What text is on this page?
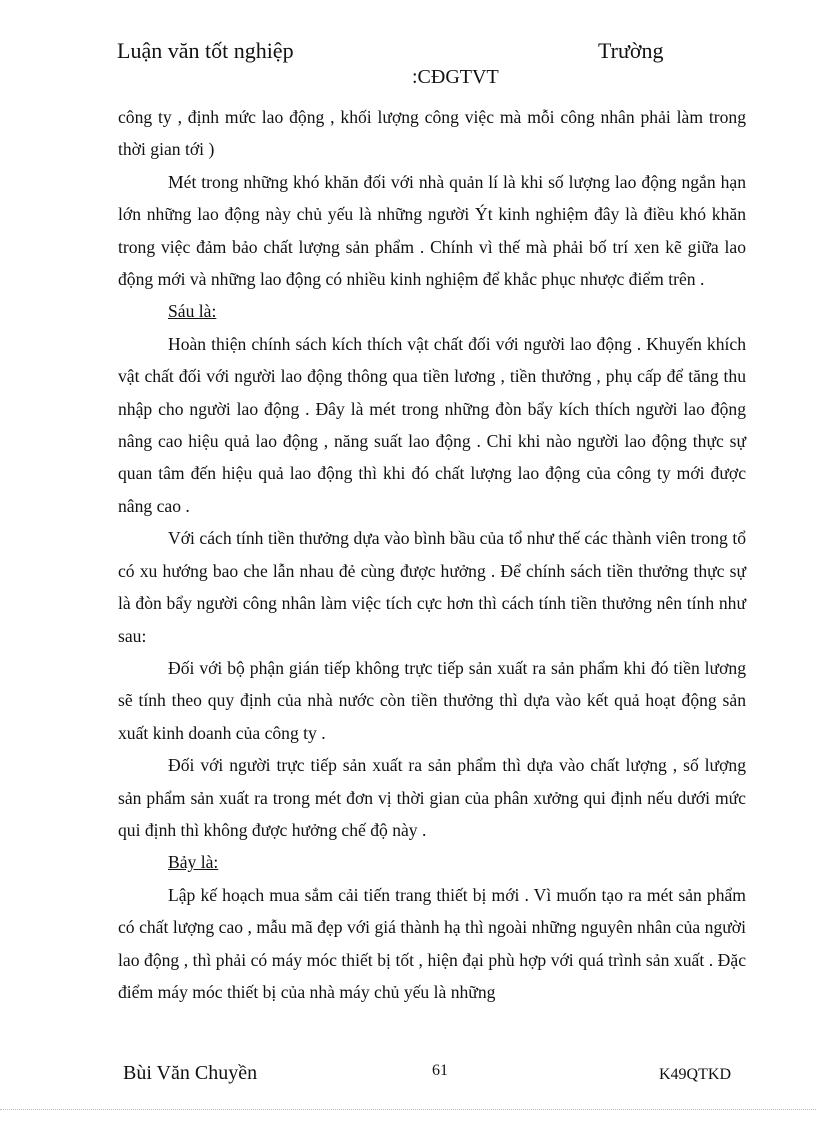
Luận văn tốt nghiệp	Trường
:CĐGTVT

công ty , định mức lao động , khối lượng công việc mà mỗi công nhân phải làm trong thời gian tới )

Mét trong những khó khăn đối với nhà quản lí là khi số lượng lao động ngắn hạn lớn những lao động này chủ yếu là những người Ýt kinh nghiệm đây là điều khó khăn trong việc đảm bảo chất lượng sản phẩm . Chính vì thế mà phải bố trí xen kẽ giữa lao động mới và những lao động có nhiều kinh nghiệm để khắc phục nhược điểm trên .

Sáu là:

Hoàn thiện chính sách kích thích vật chất đối với người lao động . Khuyến khích vật chất đối với người lao động thông qua tiền lương , tiền thưởng , phụ cấp để tăng thu nhập cho người lao động . Đây là mét trong những đòn bẩy kích thích người lao động nâng cao hiệu quả lao động , năng suất lao động . Chỉ khi nào người lao động thực sự quan tâm đến hiệu quả lao động thì khi đó chất lượng lao động của công ty mới được nâng cao .

Với cách tính tiền thưởng dựa vào bình bầu của tổ như thế các thành viên trong tổ có xu hướng bao che lẫn nhau đẻ cùng được hưởng . Để chính sách tiền thưởng thực sự là đòn bẩy người công nhân làm việc tích cực hơn thì cách tính tiền thưởng nên tính như sau:

Đối với bộ phận gián tiếp không trực tiếp sản xuất ra sản phẩm khi đó tiền lương sẽ tính theo quy định của nhà nước còn tiền thưởng thì dựa vào kết quả hoạt động sản xuất kinh doanh của công ty .

Đối với người trực tiếp sản xuất ra sản phẩm thì dựa vào chất lượng , số lượng sản phẩm sản xuất ra trong mét đơn vị thời gian của phân xưởng qui định nếu dưới mức qui định thì không được hưởng chế độ này .

Bảy là:

Lập kế hoạch mua sắm cải tiến trang thiết bị mới . Vì muốn tạo ra mét sản phẩm có chất lượng cao , mẫu mã đẹp với giá thành hạ thì ngoài những nguyên nhân của người lao động , thì phải có máy móc thiết bị tốt , hiện đại phù hợp với quá trình sản xuất . Đặc điểm máy móc thiết bị của nhà máy chủ yếu là những

Bùi Văn Chuyền	61	K49QTKD
